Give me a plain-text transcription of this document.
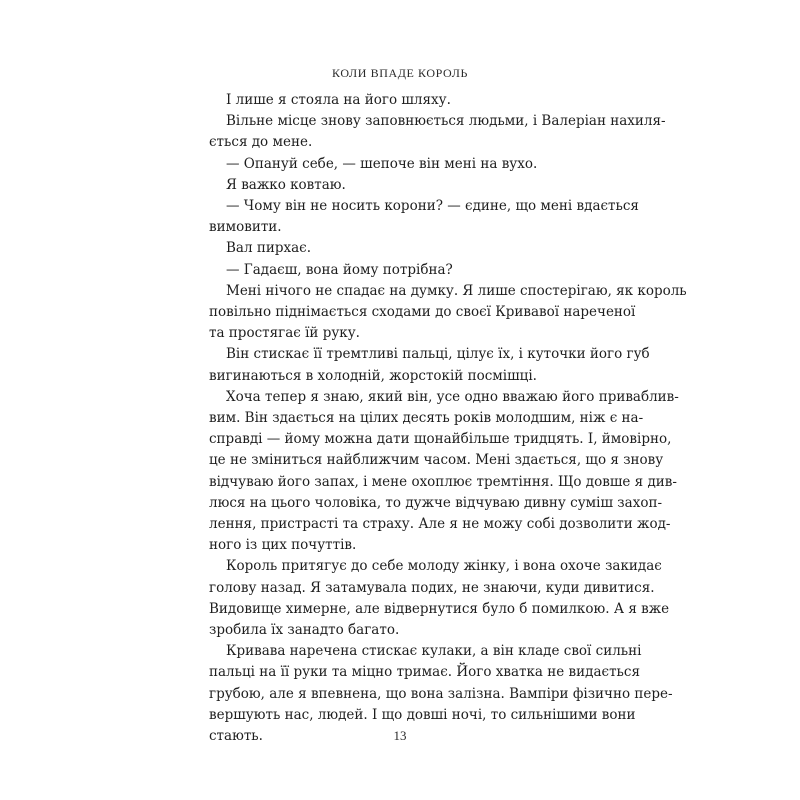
КОЛИ ВПАДЕ КОРОЛЬ
І лише я стояла на його шляху.
Вільне місце знову заповнюється людьми, і Валеріан нахиля-
ється до мене.
— Опануй себе, — шепоче він мені на вухо.
Я важко ковтаю.
— Чому він не носить корони? — єдине, що мені вдається
вимовити.
Вал пирхає.
— Гадаєш, вона йому потрібна?
Мені нічого не спадає на думку. Я лише спостерігаю, як король
повільно піднімається сходами до своєї Кривавої нареченої
та простягає їй руку.
Він стискає її тремтливі пальці, цілує їх, і куточки його губ
вигинаються в холодній, жорстокій посмішці.
Хоча тепер я знаю, який він, усе одно вважаю його приваблив-
вим. Він здається на цілих десять років молодшим, ніж є на-
справді — йому можна дати щонайбільше тридцять. І, ймовірно,
це не зміниться найближчим часом. Мені здається, що я знову
відчуваю його запах, і мене охоплює тремтіння. Що довше я див-
люся на цього чоловіка, то дужче відчуваю дивну суміш захоп-
лення, пристрасті та страху. Але я не можу собі дозволити жод-
ного із цих почуттів.
Король притягує до себе молоду жінку, і вона охоче закидає
голову назад. Я затамувала подих, не знаючи, куди дивитися.
Видовище химерне, але відвернутися було б помилкою. А я вже
зробила їх занадто багато.
Кривава наречена стискає кулаки, а він кладе свої сильні
пальці на її руки та міцно тримає. Його хватка не видається
грубою, але я впевнена, що вона залізна. Вампіри фізично пере-
вершують нас, людей. І що довші ночі, то сильнішими вони
стають.	13
